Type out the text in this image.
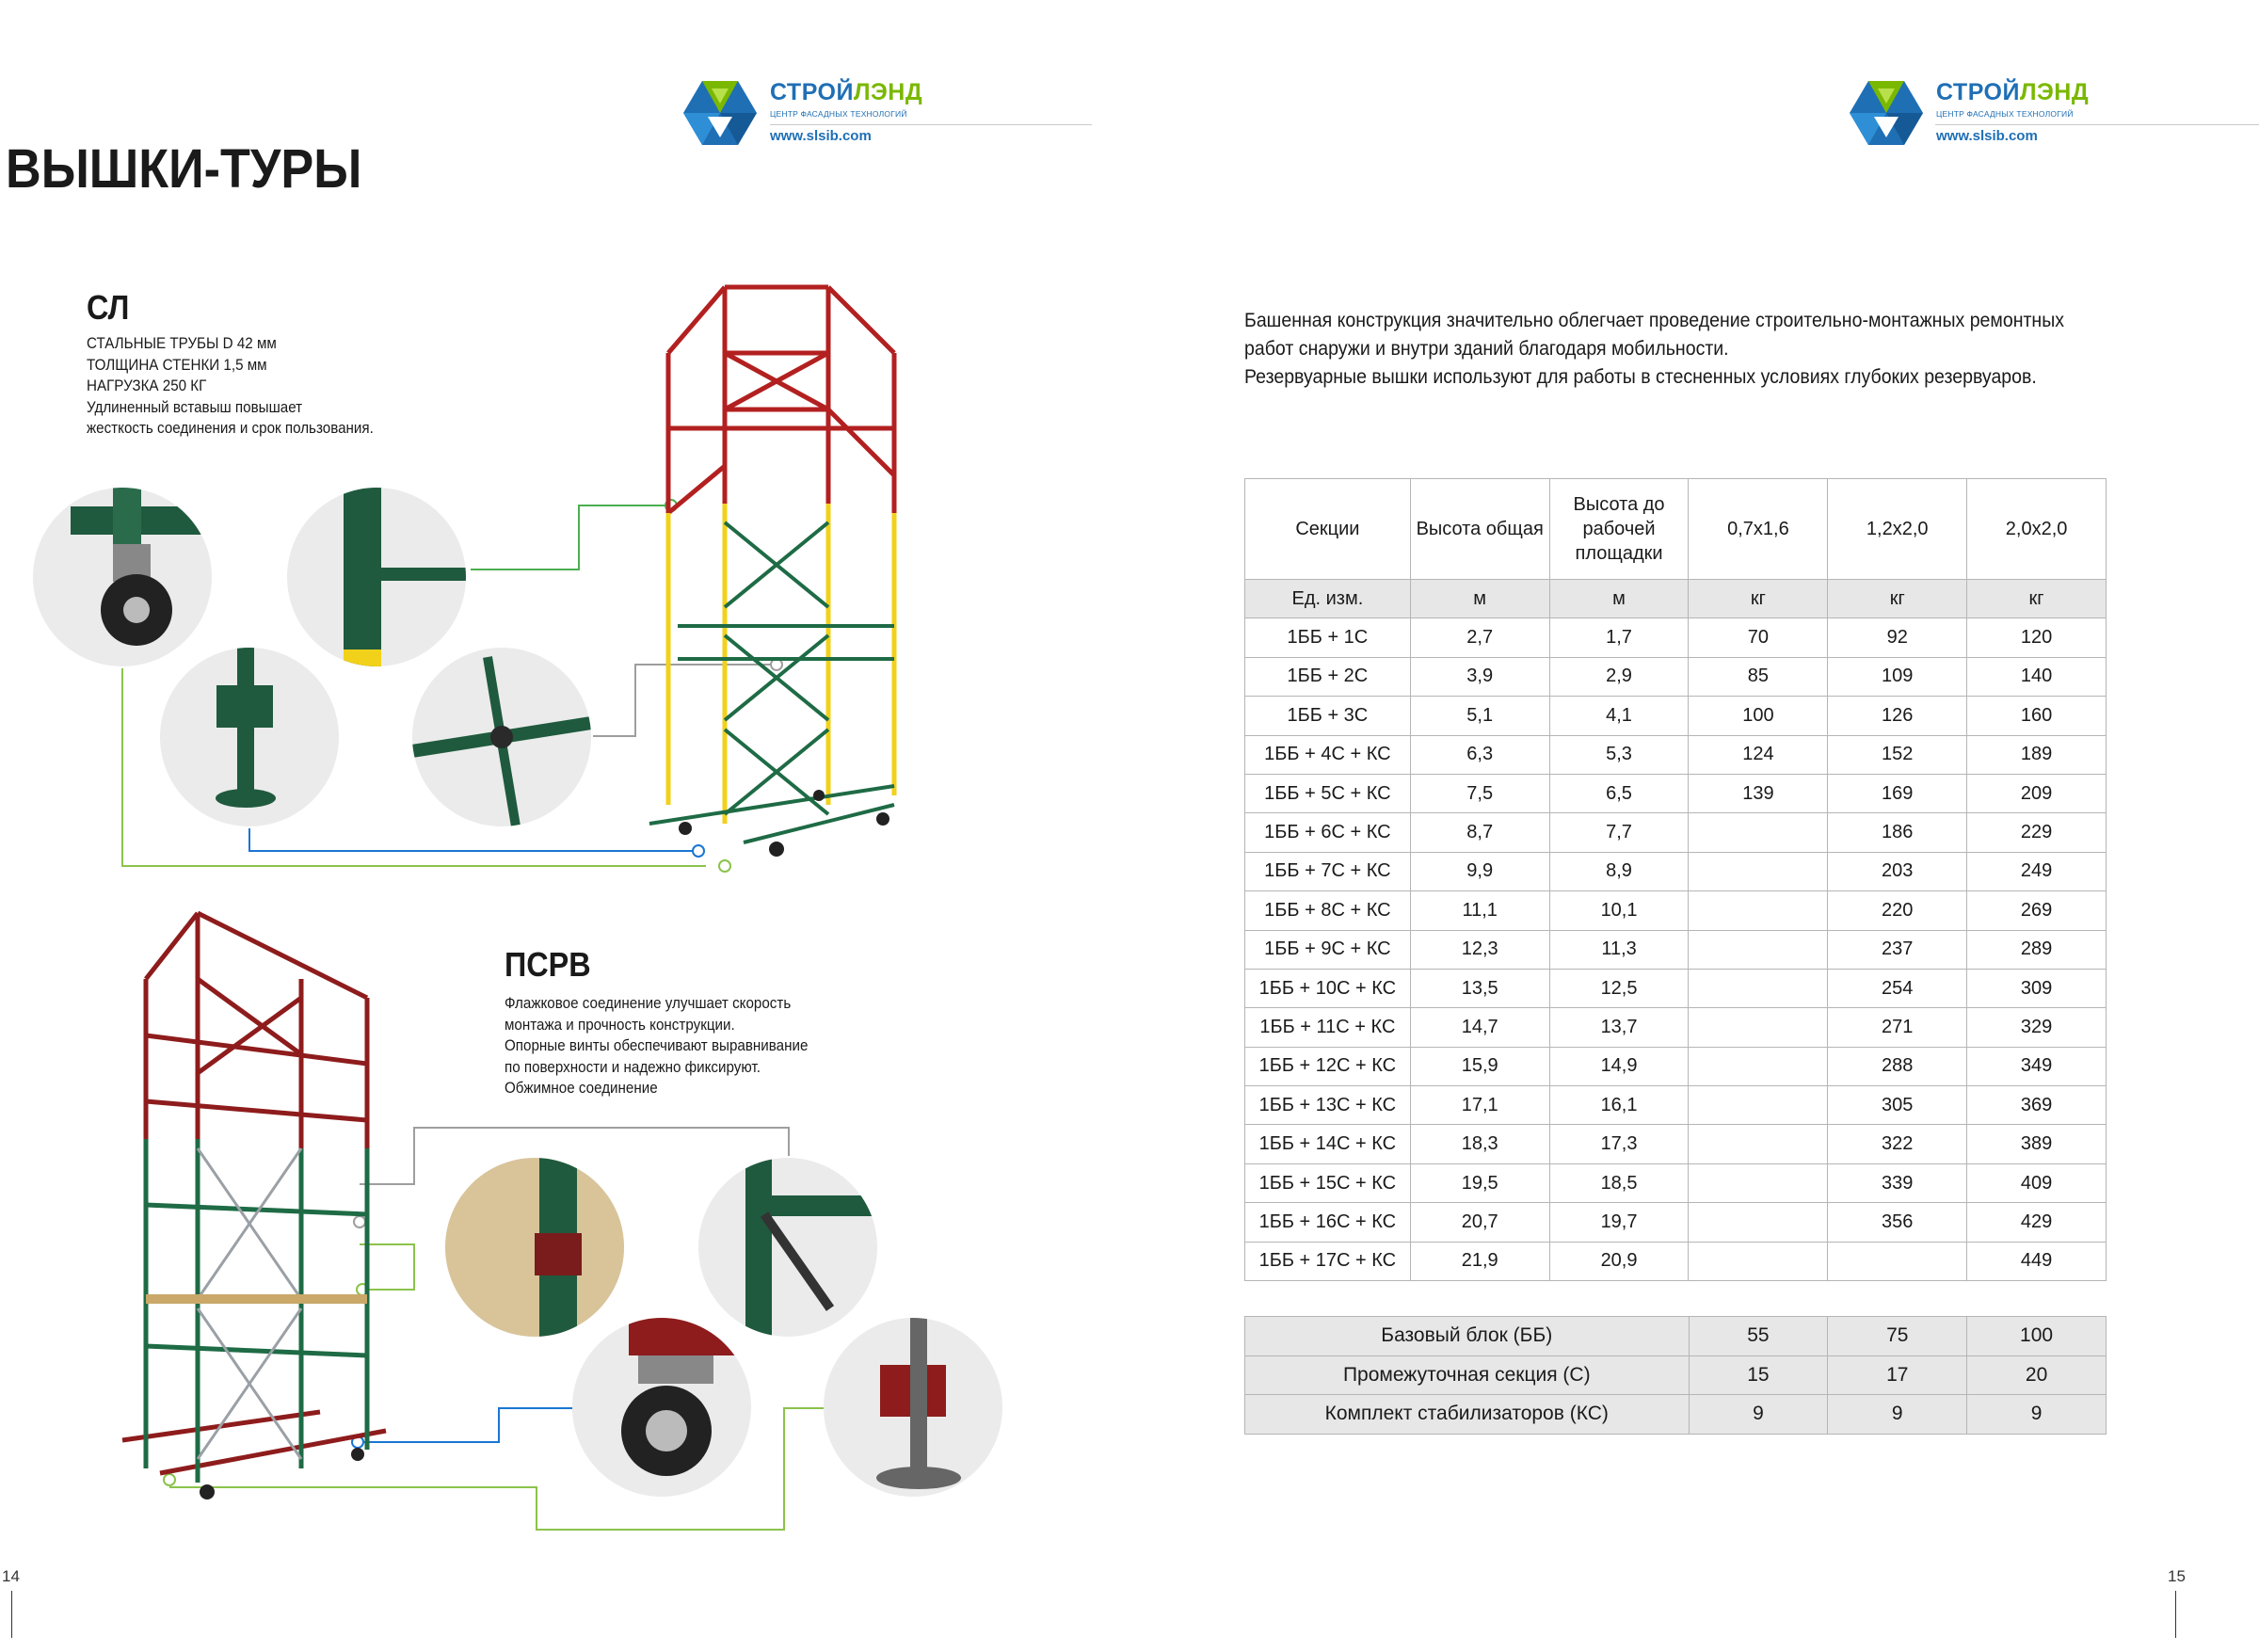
СТРОЙЛЭНД
ЦЕНТР ФАСАДНЫХ ТЕХНОЛОГИЙ
www.slsib.com
ВЫШКИ-ТУРЫ
СЛ
СТАЛЬНЫЕ ТРУБЫ D 42 мм
ТОЛЩИНА СТЕНКИ 1,5 мм
НАГРУЗКА 250 КГ
Удлиненный вставыш повышает
жесткость соединения и срок пользования.
ПСРВ
Флажковое соединение улучшает скорость
монтажа и прочность конструкции.
Опорные винты обеспечивают выравнивание
по поверхности и надежно фиксируют.
Обжимное соединение
14
СТРОЙЛЭНД
ЦЕНТР ФАСАДНЫХ ТЕХНОЛОГИЙ
www.slsib.com
15

Башенная конструкция значительно облегчает проведение строительно-монтажных ремонтных

работ снаружи и внутри зданий благодаря мобильности.

Резервуарные вышки используют для работы в стесненных условиях глубоких резервуаров.

Секции	Высота общая	Высота до рабочей площадки	0,7х1,6	1,2х2,0	2,0х2,0
Ед. изм.	м	м	кг	кг	кг
1ББ + 1С	2,7	1,7	70	92	120
1ББ + 2С	3,9	2,9	85	109	140
1ББ + 3С	5,1	4,1	100	126	160
1ББ + 4С + КС	6,3	5,3	124	152	189
1ББ + 5С + КС	7,5	6,5	139	169	209
1ББ + 6С + КС	8,7	7,7		186	229
1ББ + 7С + КС	9,9	8,9		203	249
1ББ + 8С + КС	11,1	10,1		220	269
1ББ + 9С + КС	12,3	11,3		237	289
1ББ + 10С + КС	13,5	12,5		254	309
1ББ + 11С + КС	14,7	13,7		271	329
1ББ + 12С + КС	15,9	14,9		288	349
1ББ + 13С + КС	17,1	16,1		305	369
1ББ + 14С + КС	18,3	17,3		322	389
1ББ + 15С + КС	19,5	18,5		339	409
1ББ + 16С + КС	20,7	19,7		356	429
1ББ + 17С + КС	21,9	20,9			449
Базовый блок (ББ)	55	75	100
Промежуточная секция (С)	15	17	20
Комплект стабилизаторов (КС)	9	9	9
